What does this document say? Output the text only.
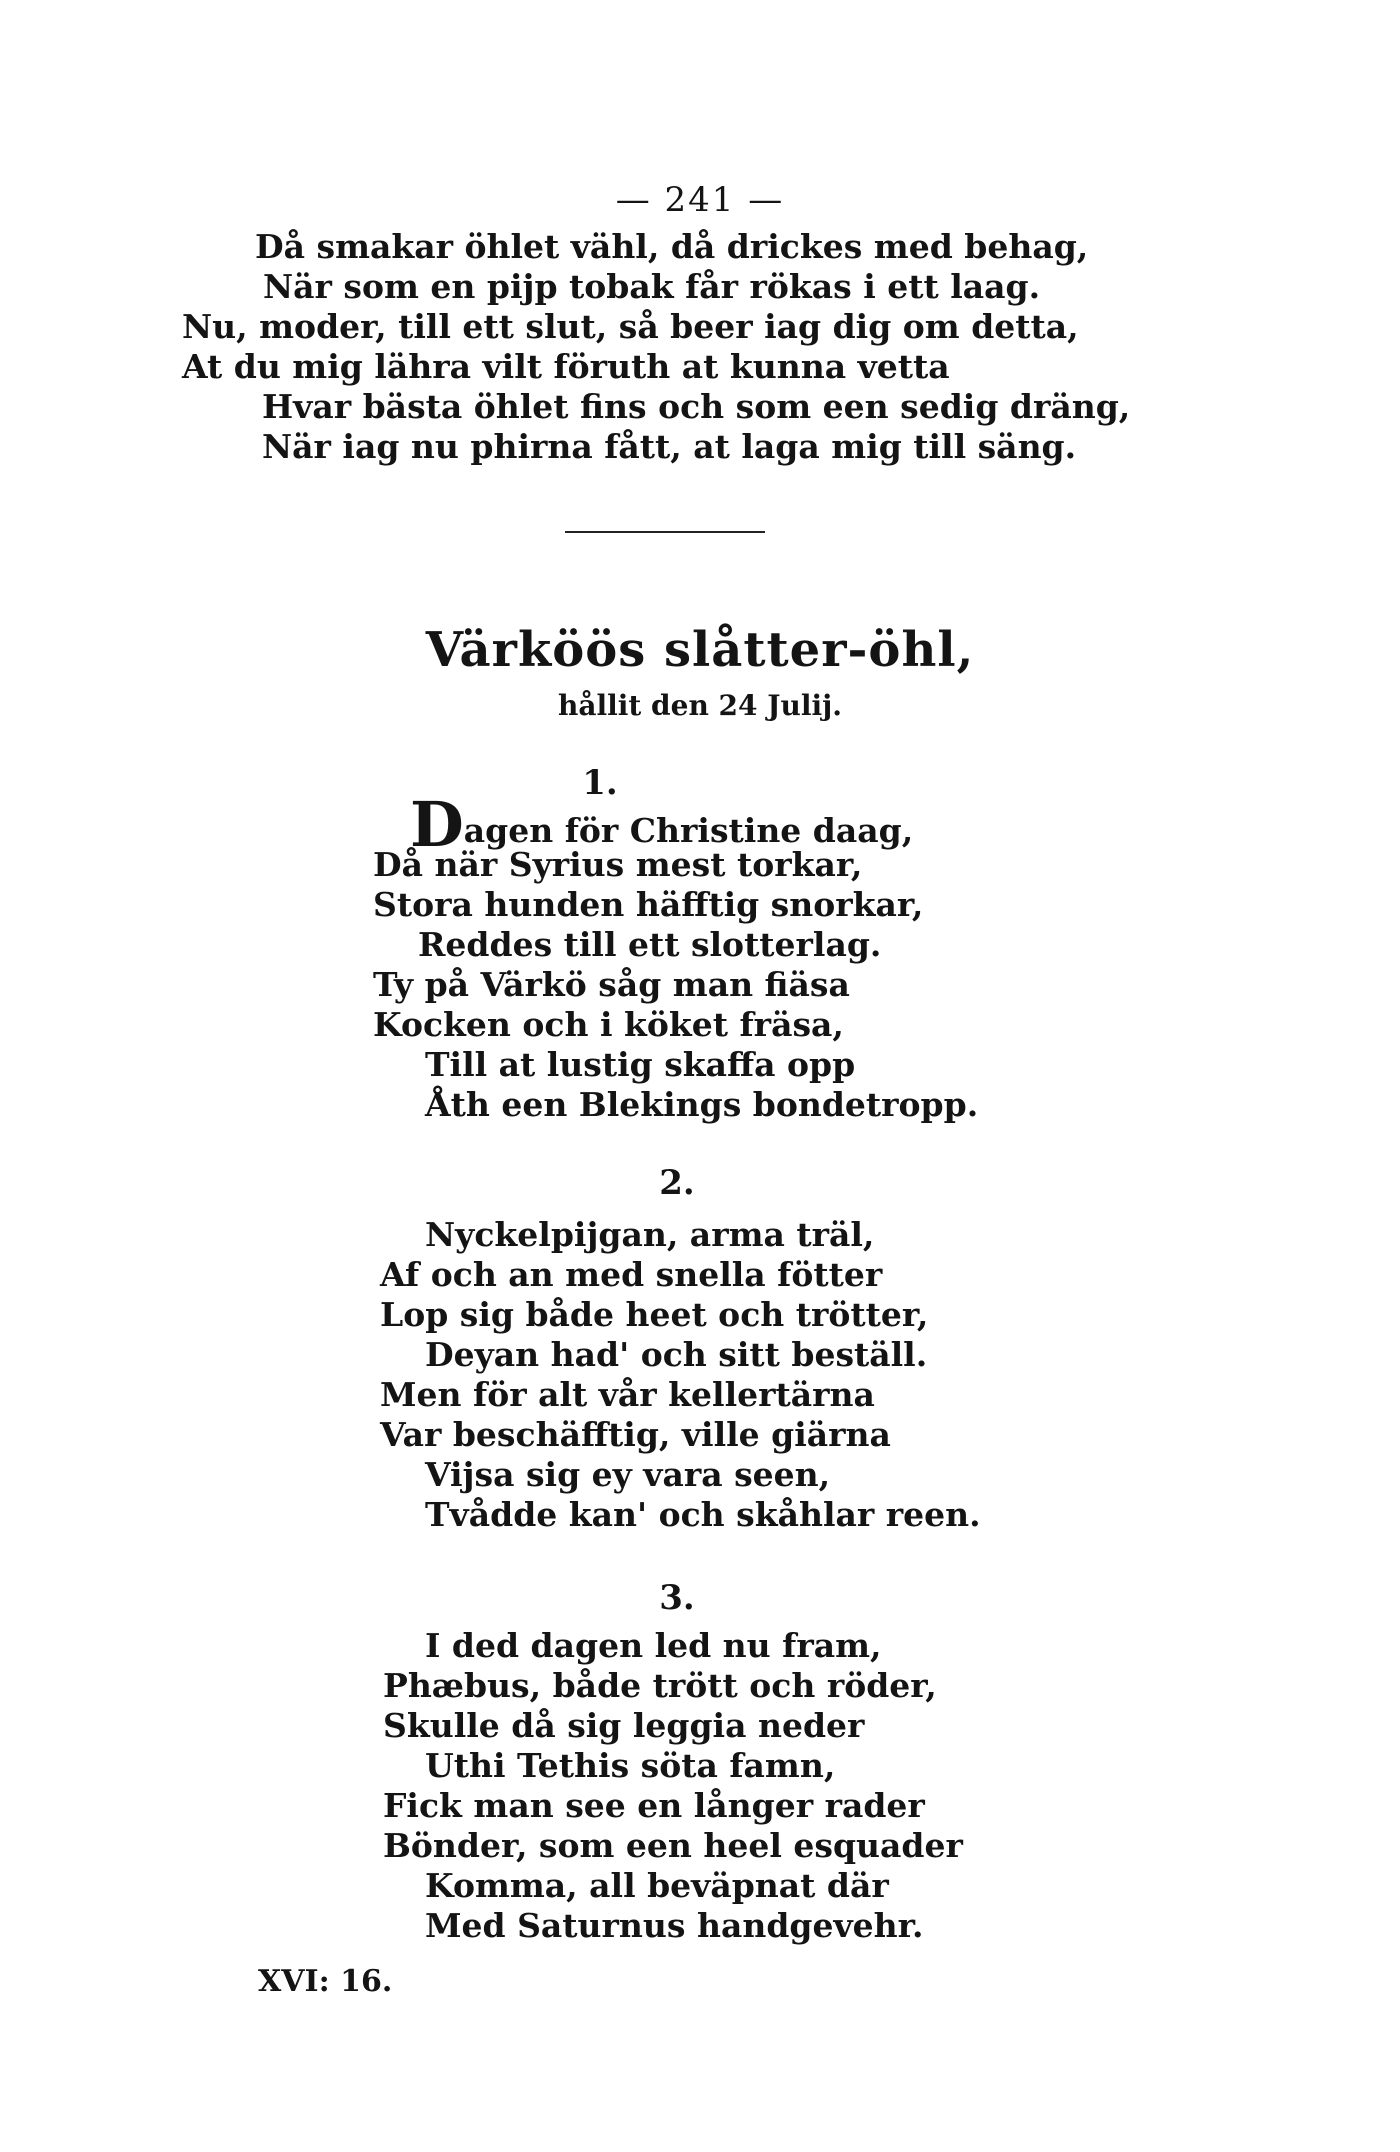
— 241 —
Då smakar öhlet vähl, då drickes med behag,
När som en pijp tobak får rökas i ett laag.
Nu, moder, till ett slut, så beer iag dig om detta,
At du mig lähra vilt föruth at kunna vetta
Hvar bästa öhlet fins och som een sedig dräng,
När iag nu phirna fått, at laga mig till säng.
Värköös slåtter-öhl,
hållit den 24 Julij.
1.
Dagen för Christine daag,
Då när Syrius mest torkar,
Stora hunden häfftig snorkar,
Reddes till ett slotterlag.
Ty på Värkö såg man fiäsa
Kocken och i köket fräsa,
Till at lustig skaffa opp
Åth een Blekings bondetropp.
2.
Nyckelpijgan, arma träl,
Af och an med snella fötter
Lop sig både heet och trötter,
Deyan had' och sitt beställ.
Men för alt vår kellertärna
Var beschäfftig, ville giärna
Vijsa sig ey vara seen,
Tvådde kan' och skåhlar reen.
3.
I ded dagen led nu fram,
Phæbus, både trött och röder,
Skulle då sig leggia neder
Uthi Tethis söta famn,
Fick man see en långer rader
Bönder, som een heel esquader
Komma, all beväpnat där
Med Saturnus handgevehr.
XVI: 16.
